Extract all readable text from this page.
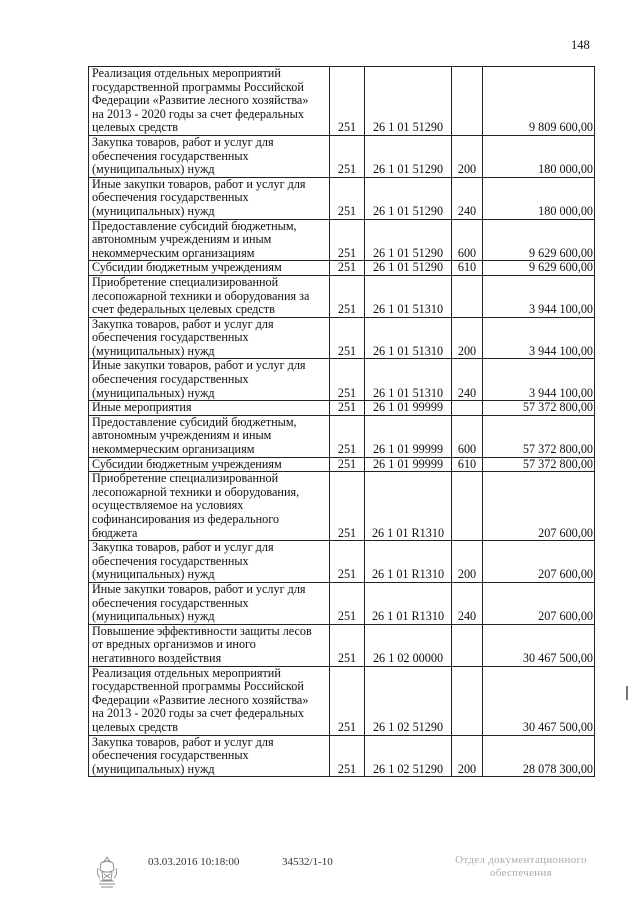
148
Реализация отдельных мероприятий
государственной программы Российской
Федерации «Развитие лесного хозяйства»
на 2013 - 2020 годы за счет федеральных
целевых средств	251	26 1 01 51290		9 809 600,00

Закупка товаров, работ и услуг для
обеспечения государственных
(муниципальных) нужд	251	26 1 01 51290	200	180 000,00

Иные закупки товаров, работ и услуг для
обеспечения государственных
(муниципальных) нужд	251	26 1 01 51290	240	180 000,00

Предоставление субсидий бюджетным,
автономным учреждениям и иным
некоммерческим организациям	251	26 1 01 51290	600	9 629 600,00

Субсидии бюджетным учреждениям	251	26 1 01 51290	610	9 629 600,00

Приобретение специализированной
лесопожарной техники и оборудования за
счет федеральных целевых средств	251	26 1 01 51310		3 944 100,00

Закупка товаров, работ и услуг для
обеспечения государственных
(муниципальных) нужд	251	26 1 01 51310	200	3 944 100,00

Иные закупки товаров, работ и услуг для
обеспечения государственных
(муниципальных) нужд	251	26 1 01 51310	240	3 944 100,00

Иные мероприятия	251	26 1 01 99999		57 372 800,00

Предоставление субсидий бюджетным,
автономным учреждениям и иным
некоммерческим организациям	251	26 1 01 99999	600	57 372 800,00

Субсидии бюджетным учреждениям	251	26 1 01 99999	610	57 372 800,00

Приобретение специализированной
лесопожарной техники и оборудования,
осуществляемое на условиях
софинансирования из федерального
бюджета	251	26 1 01 R1310		207 600,00

Закупка товаров, работ и услуг для
обеспечения государственных
(муниципальных) нужд	251	26 1 01 R1310	200	207 600,00

Иные закупки товаров, работ и услуг для
обеспечения государственных
(муниципальных) нужд	251	26 1 01 R1310	240	207 600,00

Повышение эффективности защиты лесов
от вредных организмов и иного
негативного воздействия	251	26 1 02 00000		30 467 500,00

Реализация отдельных мероприятий
государственной программы Российской
Федерации «Развитие лесного хозяйства»
на 2013 - 2020 годы за счет федеральных
целевых средств	251	26 1 02 51290		30 467 500,00

Закупка товаров, работ и услуг для
обеспечения государственных
(муниципальных) нужд	251	26 1 02 51290	200	28 078 300,00
03.03.2016 10:18:00	34532/1-10	Отдел документационного
обеспечения
